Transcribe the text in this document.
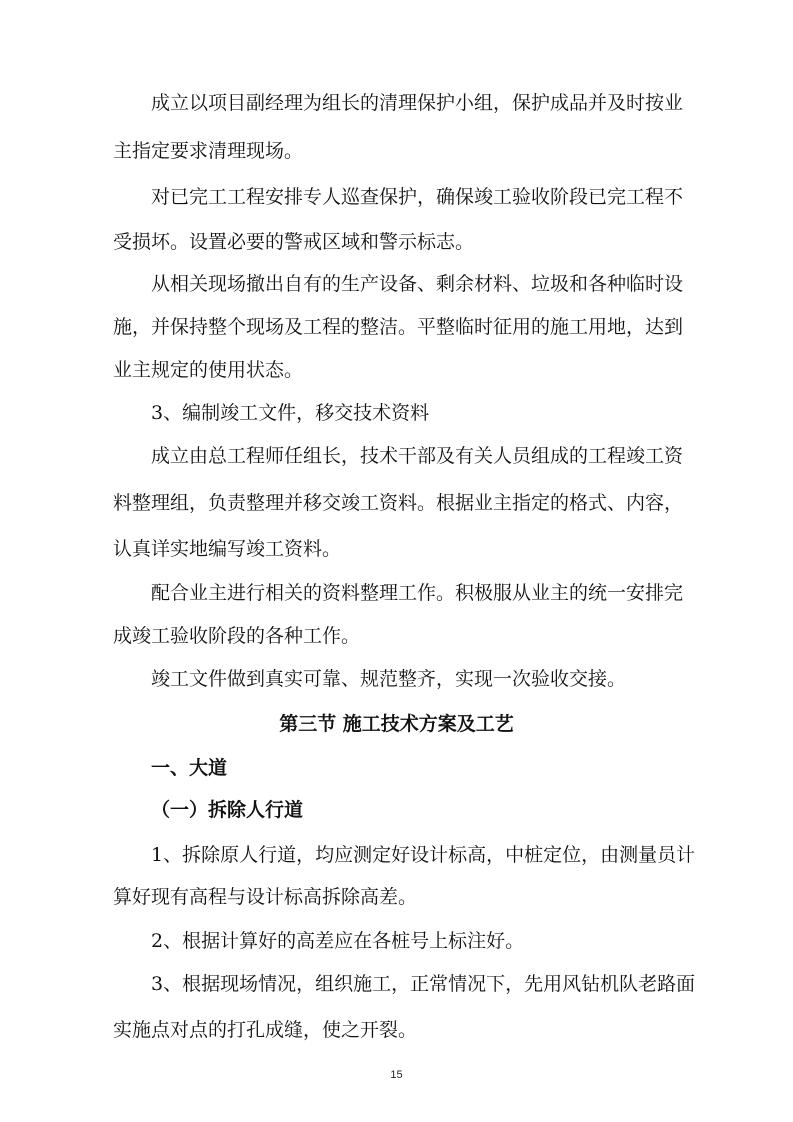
成立以项目副经理为组长的清理保护小组，保护成品并及时按业
主指定要求清理现场。
对已完工工程安排专人巡查保护，确保竣工验收阶段已完工程不
受损坏。设置必要的警戒区域和警示标志。
从相关现场撤出自有的生产设备、剩余材料、垃圾和各种临时设
施，并保持整个现场及工程的整洁。平整临时征用的施工用地，达到
业主规定的使用状态。
3、编制竣工文件，移交技术资料
成立由总工程师任组长，技术干部及有关人员组成的工程竣工资
料整理组，负责整理并移交竣工资料。根据业主指定的格式、内容，
认真详实地编写竣工资料。
配合业主进行相关的资料整理工作。积极服从业主的统一安排完
成竣工验收阶段的各种工作。
竣工文件做到真实可靠、规范整齐，实现一次验收交接。
第三节 施工技术方案及工艺
一、大道
（一）拆除人行道
1、拆除原人行道，均应测定好设计标高，中桩定位，由测量员计
算好现有高程与设计标高拆除高差。
2、根据计算好的高差应在各桩号上标注好。
3、根据现场情况，组织施工，正常情况下，先用风钻机队老路面
实施点对点的打孔成缝，使之开裂。
15
